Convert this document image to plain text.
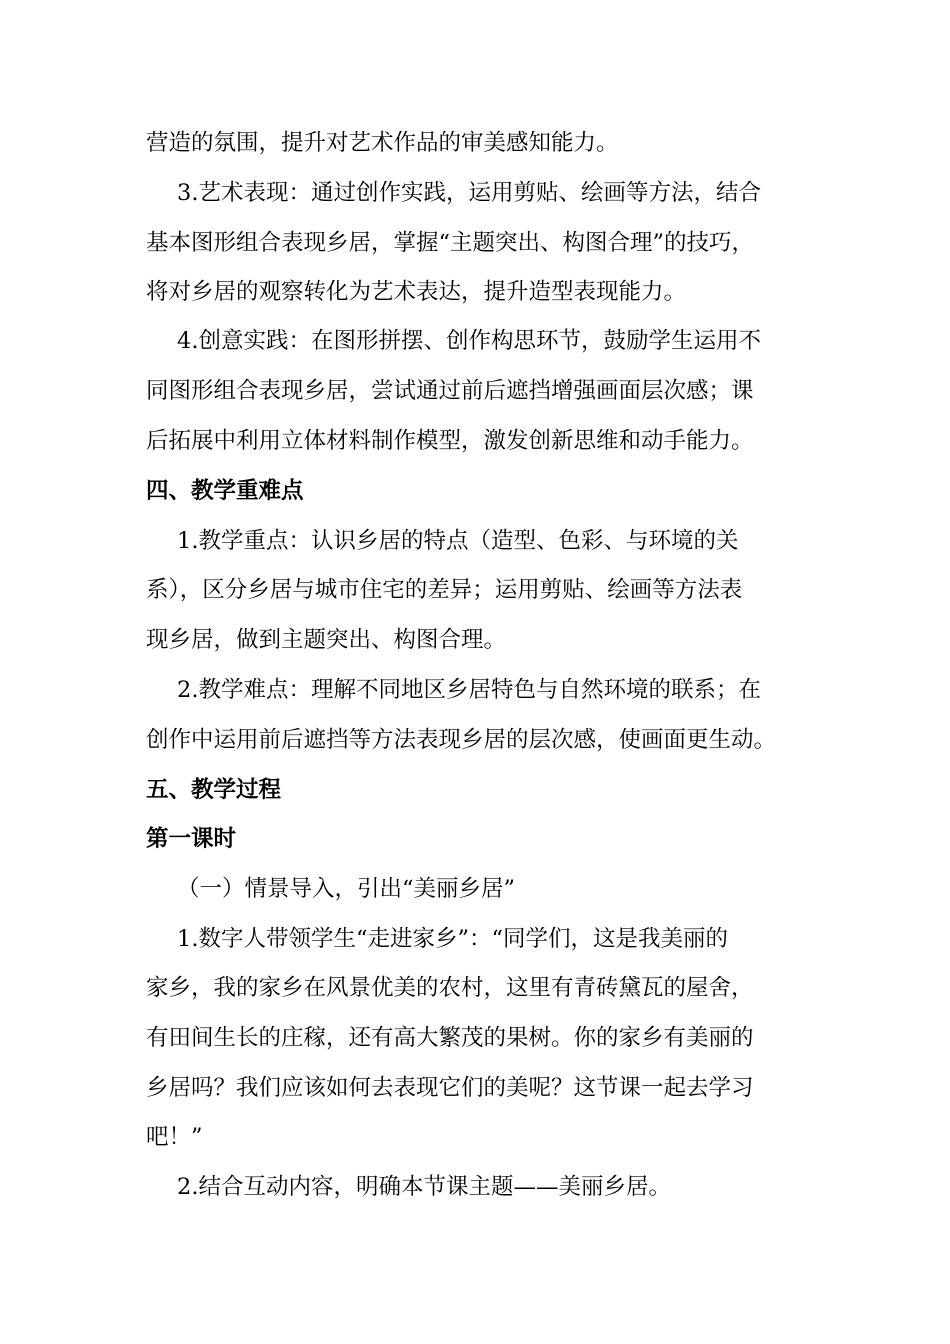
营造的氛围，提升对艺术作品的审美感知能力。
3.艺术表现：通过创作实践，运用剪贴、绘画等方法，结合
基本图形组合表现乡居，掌握“主题突出、构图合理”的技巧，
将对乡居的观察转化为艺术表达，提升造型表现能力。
4.创意实践：在图形拼摆、创作构思环节，鼓励学生运用不
同图形组合表现乡居，尝试通过前后遮挡增强画面层次感；课
后拓展中利用立体材料制作模型，激发创新思维和动手能力。
四、教学重难点
1.教学重点：认识乡居的特点（造型、色彩、与环境的关
系），区分乡居与城市住宅的差异；运用剪贴、绘画等方法表
现乡居，做到主题突出、构图合理。
2.教学难点：理解不同地区乡居特色与自然环境的联系；在
创作中运用前后遮挡等方法表现乡居的层次感，使画面更生动。
五、教学过程
第一课时
（一）情景导入，引出“美丽乡居”
1.数字人带领学生“走进家乡”：“同学们，这是我美丽的
家乡，我的家乡在风景优美的农村，这里有青砖黛瓦的屋舍，
有田间生长的庄稼，还有高大繁茂的果树。你的家乡有美丽的
乡居吗？我们应该如何去表现它们的美呢？这节课一起去学习
吧！”
2.结合互动内容，明确本节课主题——美丽乡居。
